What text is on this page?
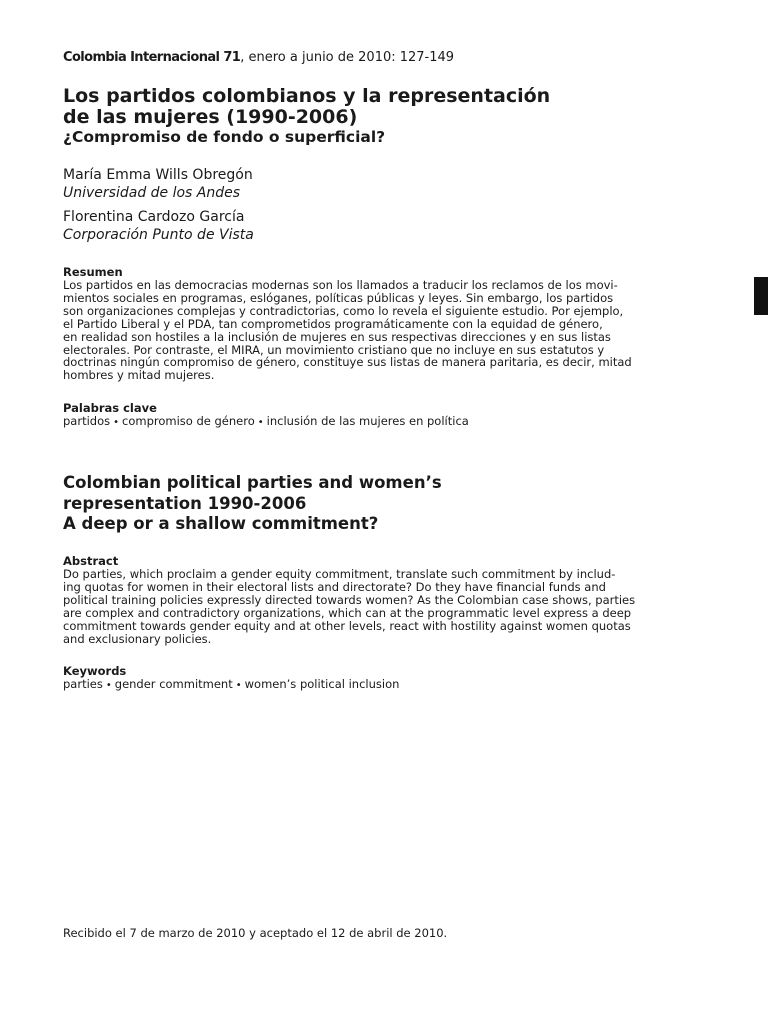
Colombia Internacional 71, enero a junio de 2010: 127-149
Los partidos colombianos y la representación
de las mujeres (1990-2006)
¿Compromiso de fondo o superficial?
María Emma Wills Obregón
Universidad de los Andes
Florentina Cardozo García
Corporación Punto de Vista
Resumen
Los partidos en las democracias modernas son los llamados a traducir los reclamos de los movi-
mientos sociales en programas, eslóganes, políticas públicas y leyes. Sin embargo, los partidos
son organizaciones complejas y contradictorias, como lo revela el siguiente estudio. Por ejemplo,
el Partido Liberal y el PDA, tan comprometidos programáticamente con la equidad de género,
en realidad son hostiles a la inclusión de mujeres en sus respectivas direcciones y en sus listas
electorales. Por contraste, el MIRA, un movimiento cristiano que no incluye en sus estatutos y
doctrinas ningún compromiso de género, constituye sus listas de manera paritaria, es decir, mitad
hombres y mitad mujeres.
Palabras clave
partidos • compromiso de género • inclusión de las mujeres en política
Colombian political parties and women’s
representation 1990-2006
A deep or a shallow commitment?
Abstract
Do parties, which proclaim a gender equity commitment, translate such commitment by includ-
ing quotas for women in their electoral lists and directorate? Do they have financial funds and
political training policies expressly directed towards women? As the Colombian case shows, parties
are complex and contradictory organizations, which can at the programmatic level express a deep
commitment towards gender equity and at other levels, react with hostility against women quotas
and exclusionary policies.
Keywords
parties • gender commitment • women’s political inclusion
Recibido el 7 de marzo de 2010 y aceptado el 12 de abril de 2010.
